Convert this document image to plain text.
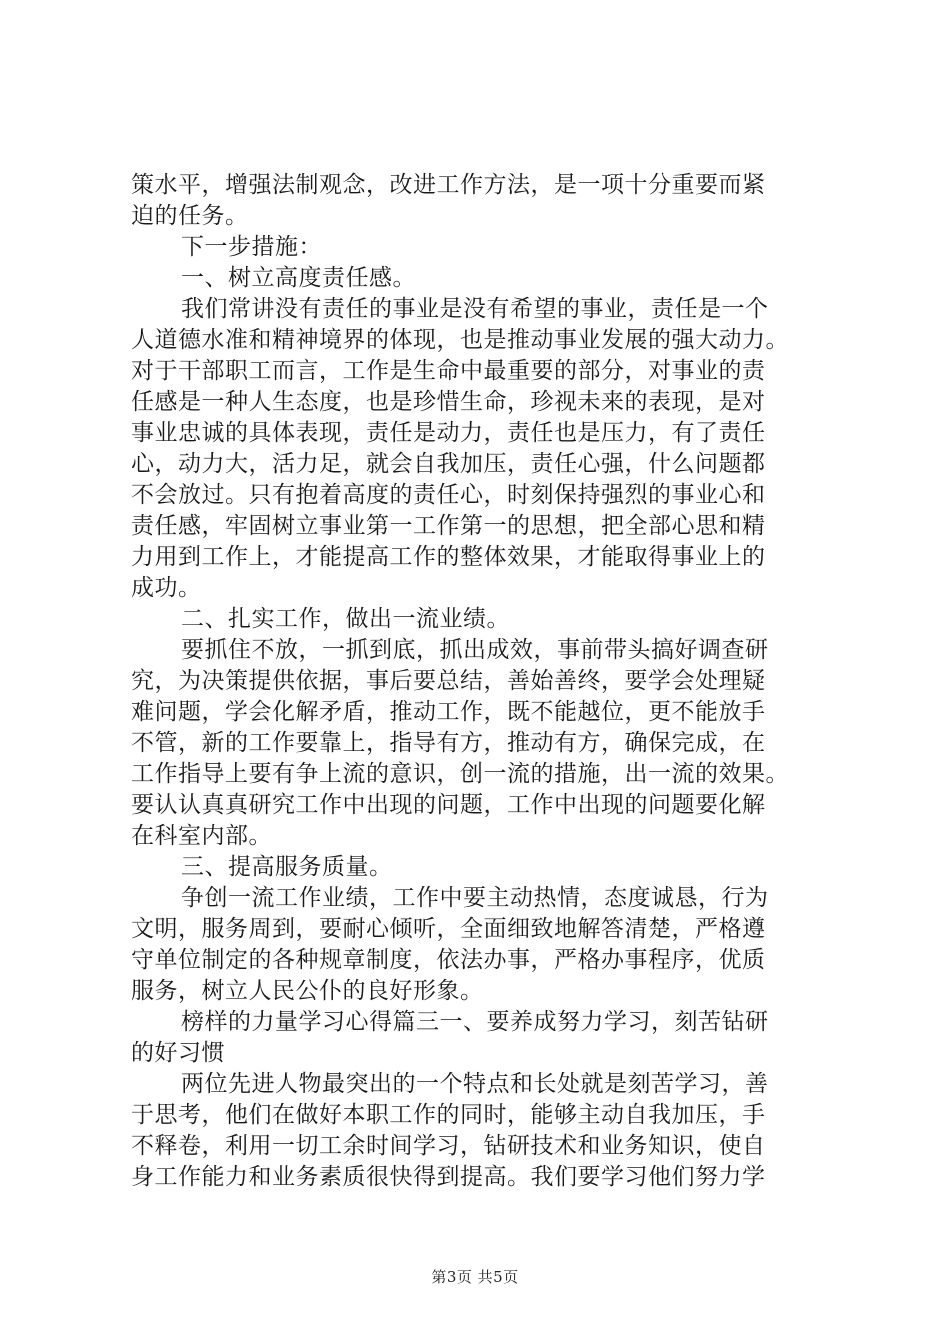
策水平，增强法制观念，改进工作方法，是一项十分重要而紧
迫的任务。
下一步措施：
一、树立高度责任感。
我们常讲没有责任的事业是没有希望的事业，责任是一个
人道德水准和精神境界的体现，也是推动事业发展的强大动力。
对于干部职工而言，工作是生命中最重要的部分，对事业的责
任感是一种人生态度，也是珍惜生命，珍视未来的表现，是对
事业忠诚的具体表现，责任是动力，责任也是压力，有了责任
心，动力大，活力足，就会自我加压，责任心强，什么问题都
不会放过。只有抱着高度的责任心，时刻保持强烈的事业心和
责任感，牢固树立事业第一工作第一的思想，把全部心思和精
力用到工作上，才能提高工作的整体效果，才能取得事业上的
成功。
二、扎实工作，做出一流业绩。
要抓住不放，一抓到底，抓出成效，事前带头搞好调查研
究，为决策提供依据，事后要总结，善始善终，要学会处理疑
难问题，学会化解矛盾，推动工作，既不能越位，更不能放手
不管，新的工作要靠上，指导有方，推动有方，确保完成，在
工作指导上要有争上流的意识，创一流的措施，出一流的效果。
要认认真真研究工作中出现的问题，工作中出现的问题要化解
在科室内部。
三、提高服务质量。
争创一流工作业绩，工作中要主动热情，态度诚恳，行为
文明，服务周到，要耐心倾听，全面细致地解答清楚，严格遵
守单位制定的各种规章制度，依法办事，严格办事程序，优质
服务，树立人民公仆的良好形象。
榜样的力量学习心得篇三一、要养成努力学习，刻苦钻研
的好习惯
两位先进人物最突出的一个特点和长处就是刻苦学习，善
于思考，他们在做好本职工作的同时，能够主动自我加压，手
不释卷，利用一切工余时间学习，钻研技术和业务知识，使自
身工作能力和业务素质很快得到提高。我们要学习他们努力学
第3页 共5页
